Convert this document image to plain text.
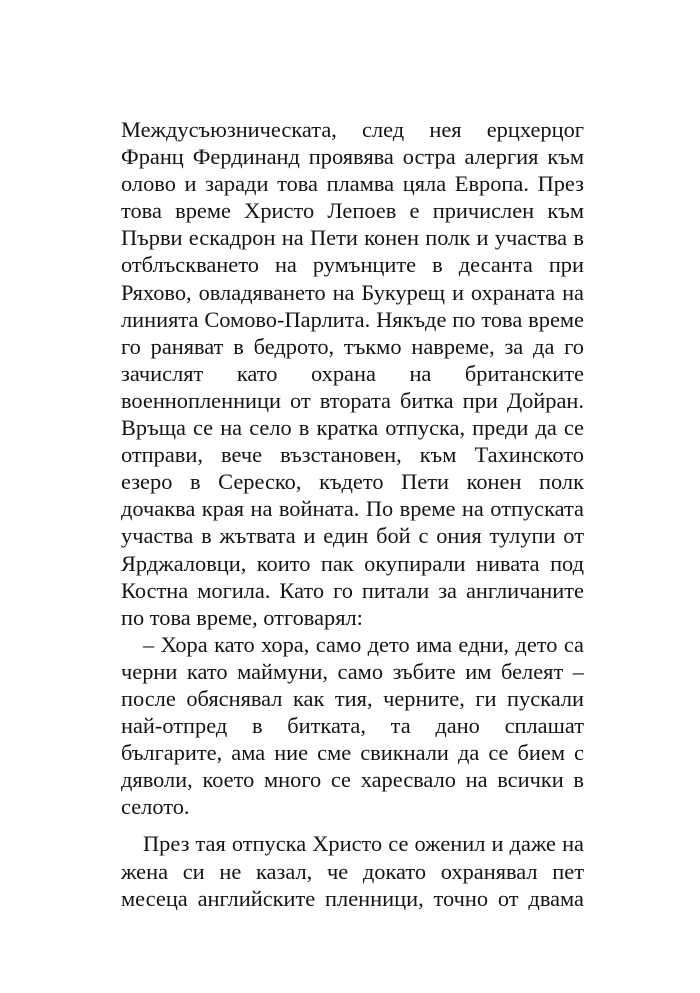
Междусъюзническата, след нея ерцхерцог
Франц Фердинанд проявява остра алергия към
олово и заради това пламва цяла Европа. През
това време Христо Лепоев е причислен към
Първи ескадрон на Пети конен полк и участва в
отблъскването на румънците в десанта при
Ряхово, овладяването на Букурещ и охраната на
линията Сомово-Парлита. Някъде по това време
го раняват в бедрото, тъкмо навреме, за да го
зачислят като охрана на британските
военнопленници от втората битка при Дойран.
Връща се на село в кратка отпуска, преди да се
отправи, вече възстановен, към Тахинското
езеро в Сереско, където Пети конен полк
дочаква края на войната. По време на отпуската
участва в жътвата и един бой с ония тулупи от
Ярджаловци, които пак окупирали нивата под
Костна могила. Като го питали за англичаните
по това време, отговарял:
– Хора като хора, само дето има едни, дето са
черни като маймуни, само зъбите им белеят –
после обяснявал как тия, черните, ги пускали
най-отпред в битката, та дано сплашат
българите, ама ние сме свикнали да се бием с
дяволи, което много се харесвало на всички в
селото.
През тая отпуска Христо се оженил и даже на
жена си не казал, че докато охранявал пет
месеца английските пленници, точно от двама
